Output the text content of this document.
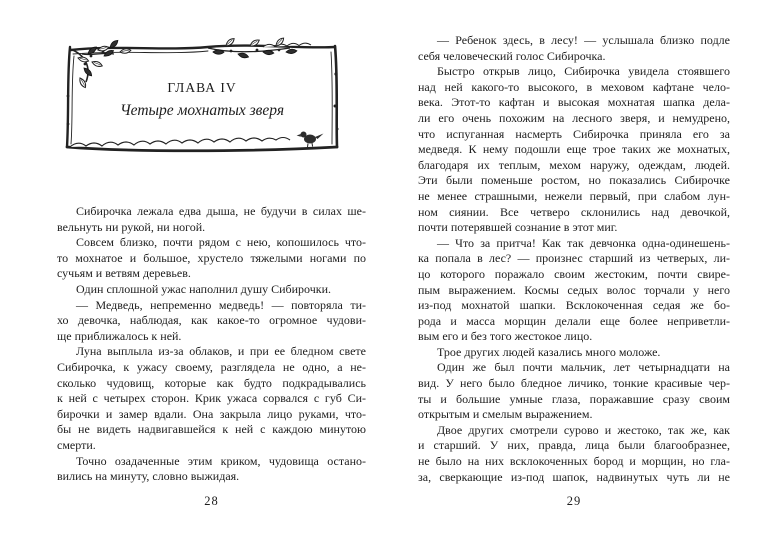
ГЛАВА IV
Четыре мохнатых зверя
Сибирочка лежала едва дыша, не будучи в силах ше-
вельнуть ни рукой, ни ногой.
Совсем близко, почти рядом с нею, копошилось что-
то мохнатое и большое, хрустело тяжелыми ногами по
сучьям и ветвям деревьев.
Один сплошной ужас наполнил душу Сибирочки.
— Медведь, непременно медведь! — повторяла ти-
хо девочка, наблюдая, как какое-то огромное чудови-
ще приближалось к ней.
Луна выплыла из-за облаков, и при ее бледном свете
Сибирочка, к ужасу своему, разглядела не одно, а не-
сколько чудовищ, которые как будто подкрадывались
к ней с четырех сторон. Крик ужаса сорвался с губ Си-
бирочки и замер вдали. Она закрыла лицо руками, что-
бы не видеть надвигавшейся к ней с каждою минутою
смерти.
Точно озадаченные этим криком, чудовища остано-
вились на минуту, словно выжидая.
28
— Ребенок здесь, в лесу! — услышала близко подле
себя человеческий голос Сибирочка.
Быстро открыв лицо, Сибирочка увидела стоявшего
над ней какого-то высокого, в меховом кафтане чело-
века. Этот-то кафтан и высокая мохнатая шапка дела-
ли его очень похожим на лесного зверя, и немудрено,
что испуганная насмерть Сибирочка приняла его за
медведя. К нему подошли еще трое таких же мохнатых,
благодаря их теплым, мехом наружу, одеждам, людей.
Эти были поменьше ростом, но показались Сибирочке
не менее страшными, нежели первый, при слабом лун-
ном сиянии. Все четверо склонились над девочкой,
почти потерявшей сознание в этот миг.
— Что за притча! Как так девчонка одна-одинешень-
ка попала в лес? — произнес старший из четверых, ли-
цо которого поражало своим жестоким, почти свире-
пым выражением. Космы седых волос торчали у него
из-под мохнатой шапки. Всклокоченная седая же бо-
рода и масса морщин делали еще более неприветли-
вым его и без того жестокое лицо.
Трое других людей казались много моложе.
Один же был почти мальчик, лет четырнадцати на
вид. У него было бледное личико, тонкие красивые чер-
ты и большие умные глаза, поражавшие сразу своим
открытым и смелым выражением.
Двое других смотрели сурово и жестоко, так же, как
и старший. У них, правда, лица были благообразнее,
не было на них всклокоченных бород и морщин, но гла-
за, сверкающие из-под шапок, надвинутых чуть ли не
29
